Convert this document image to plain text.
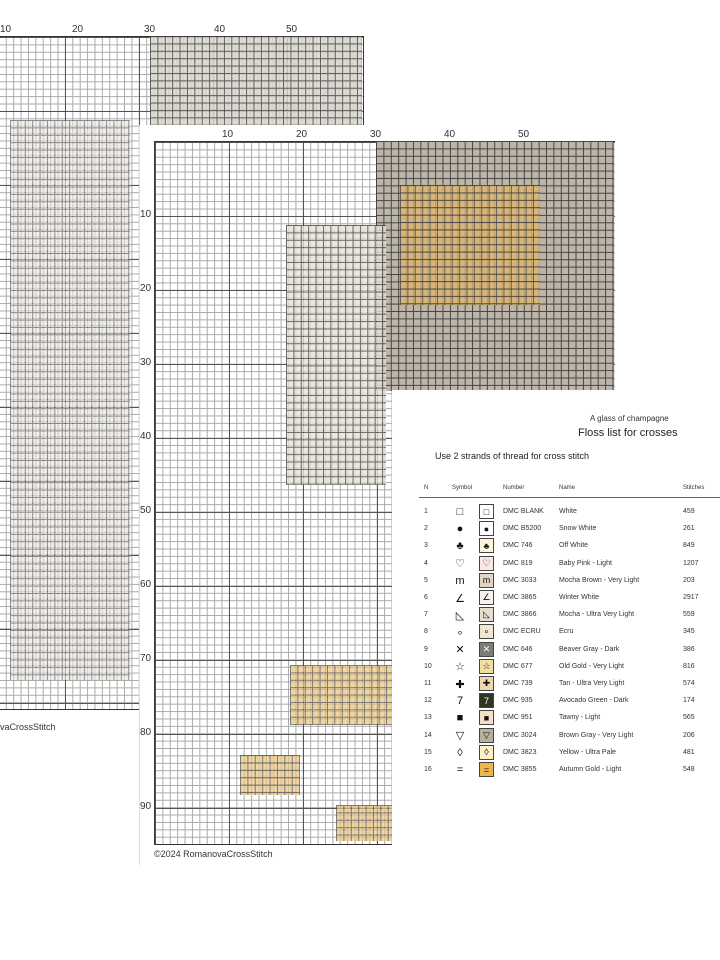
10	20	30	40	50
vaCrossStitch
10	20	30	40	50
10
20
30
40
50
60
70
80
90
©2024 RomanovaCrossStitch
A glass of champagne
Floss list for crosses
Use 2 strands of thread for cross stitch
N	Symbol	Number	Name	Stitches
1	□	□	DMC BLANK White	459
2	●	●	DMC B5200	Snow White	261
3	♣	♣	DMC 746	Off White	849
4 ♡	♡	DMC 819	Baby Pink - Light	1207
5	m	m	DMC 3033	Mocha Brown - Very Light	203
6 ∠	∠	DMC 3865	Winter White	2917
7	◺	◺	DMC 3866	Mocha - Ultra Very Light	559
8	∘	∘	DMC ECRU	Ecru	345
9 ✕	✕	DMC 646	Beaver Gray - Dark	386
10 ☆	☆	DMC 677	Old Gold - Very Light	816
11 ✚	✚	DMC 739	Tan - Ultra Very Light	574
12	7	7	DMC 935	Avocado Green - Dark	174
13	■	■	DMC 951	Tawny - Light	565
14 ▽	▽	DMC 3024	Brown Gray - Very Light	206
15	◊	◊	DMC 3823	Yellow - Ultra Pale	481
16	=	=	DMC 3855	Autumn Gold - Light	548
